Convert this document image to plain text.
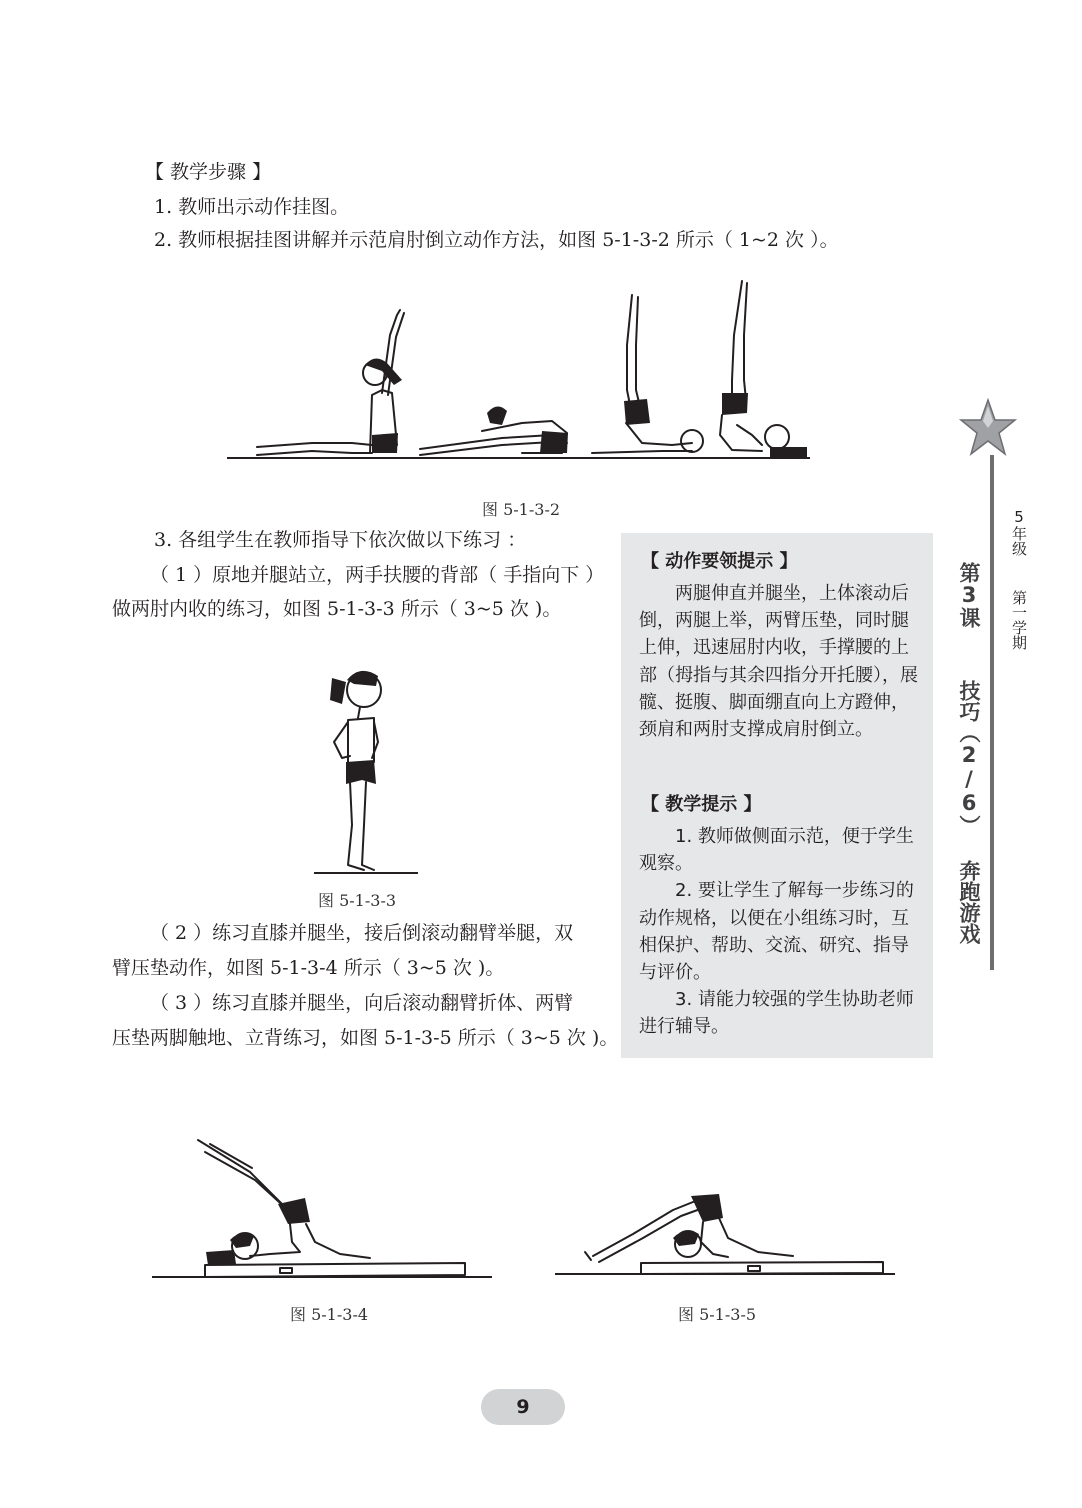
【 教学步骤 】
1. 教师出示动作挂图。
2. 教师根据挂图讲解并示范肩肘倒立动作方法，如图 5-1-3-2 所示（ 1~2 次 ）。
图 5-1-3-2
3. 各组学生在教师指导下依次做以下练习 ：
（ 1 ）原地并腿站立，两手扶腰的背部（ 手指向下 ）
做两肘内收的练习，如图 5-1-3-3 所示（ 3~5 次 )。
图 5-1-3-3
（ 2 ）练习直膝并腿坐，接后倒滚动翻臂举腿，双
臂压垫动作，如图 5-1-3-4 所示（ 3~5 次 )。
（ 3 ）练习直膝并腿坐，向后滚动翻臂折体、两臂
压垫两脚触地、立背练习，如图 5-1-3-5 所示（ 3~5 次 )。
【 动作要领提示 】
两腿伸直并腿坐，上体滚动后倒，两腿上举，两臂压垫，同时腿上伸，迅速屈肘内收，手撑腰的上部（拇指与其余四指分开托腰），展髋、挺腹、脚面绷直向上方蹬伸，颈肩和两肘支撑成肩肘倒立。
【 教学提示 】

1. 教师做侧面示范，便于学生观察。

2. 要让学生了解每一步练习的动作规格，以便在小组练习时，互相保护、帮助、交流、研究、指导与评价。

3. 请能力较强的学生协助老师进行辅导。

5年级
第一学期
第3课
技巧（2/6）
奔跑游戏
图 5-1-3-4	图 5-1-3-5
9
